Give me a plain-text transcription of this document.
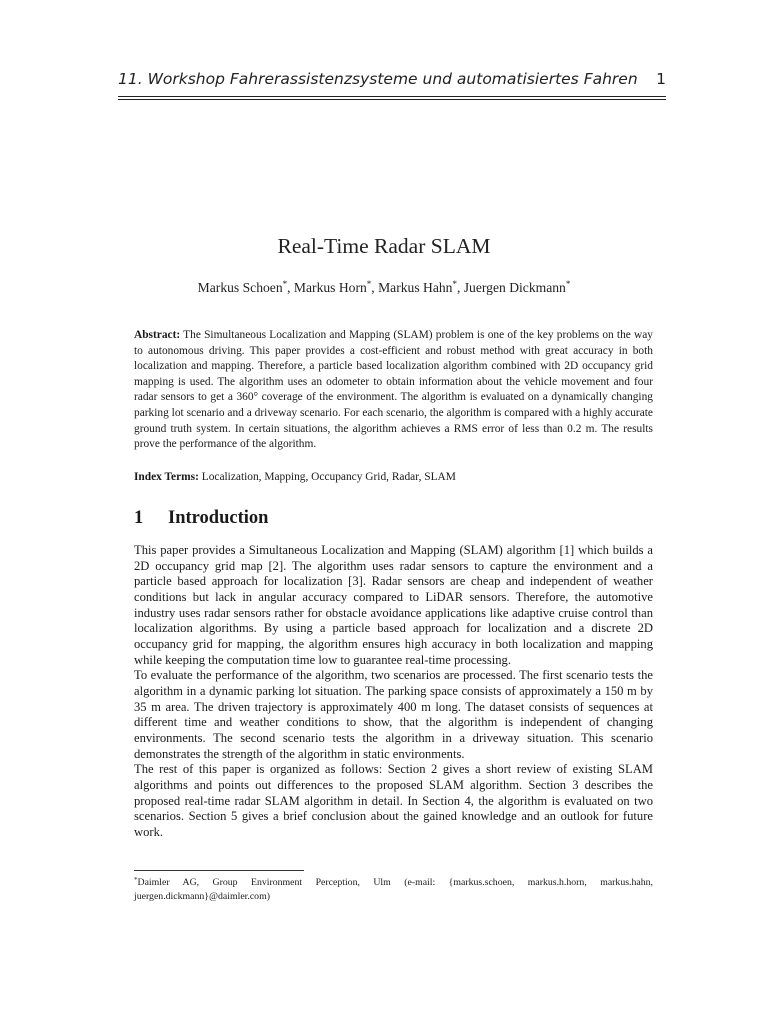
11. Workshop Fahrerassistenzsysteme und automatisiertes Fahren 1
Real-Time Radar SLAM
Markus Schoen*, Markus Horn*, Markus Hahn*, Juergen Dickmann*
Abstract: The Simultaneous Localization and Mapping (SLAM) problem is one of the key problems on the way to autonomous driving. This paper provides a cost-efficient and robust method with great accuracy in both localization and mapping. Therefore, a particle based localization algorithm combined with 2D occupancy grid mapping is used. The algorithm uses an odometer to obtain information about the vehicle movement and four radar sensors to get a 360° coverage of the environment. The algorithm is evaluated on a dynamically changing parking lot scenario and a driveway scenario. For each scenario, the algorithm is compared with a highly accurate ground truth system. In certain situations, the algorithm achieves a RMS error of less than 0.2 m. The results prove the performance of the algorithm.
Index Terms: Localization, Mapping, Occupancy Grid, Radar, SLAM
1 Introduction

This paper provides a Simultaneous Localization and Mapping (SLAM) algorithm [1] which builds a 2D occupancy grid map [2]. The algorithm uses radar sensors to capture the environment and a particle based approach for localization [3]. Radar sensors are cheap and independent of weather conditions but lack in angular accuracy compared to LiDAR sensors. Therefore, the automotive industry uses radar sensors rather for obstacle avoidance applications like adaptive cruise control than localization algorithms. By using a particle based approach for localization and a discrete 2D occupancy grid for mapping, the algorithm ensures high accuracy in both localization and mapping while keeping the computation time low to guarantee real-time processing.

To evaluate the performance of the algorithm, two scenarios are processed. The first scenario tests the algorithm in a dynamic parking lot situation. The parking space consists of approximately a 150 m by 35 m area. The driven trajectory is approximately 400 m long. The dataset consists of sequences at different time and weather conditions to show, that the algorithm is independent of changing environments. The second scenario tests the algorithm in a driveway situation. This scenario demonstrates the strength of the algorithm in static environments.

The rest of this paper is organized as follows: Section 2 gives a short review of existing SLAM algorithms and points out differences to the proposed SLAM algorithm. Section 3 describes the proposed real-time radar SLAM algorithm in detail. In Section 4, the algorithm is evaluated on two scenarios. Section 5 gives a brief conclusion about the gained knowledge and an outlook for future work.

*Daimler AG, Group Environment Perception, Ulm (e-mail: {markus.schoen, markus.h.horn, markus.hahn, juergen.dickmann}@daimler.com)
